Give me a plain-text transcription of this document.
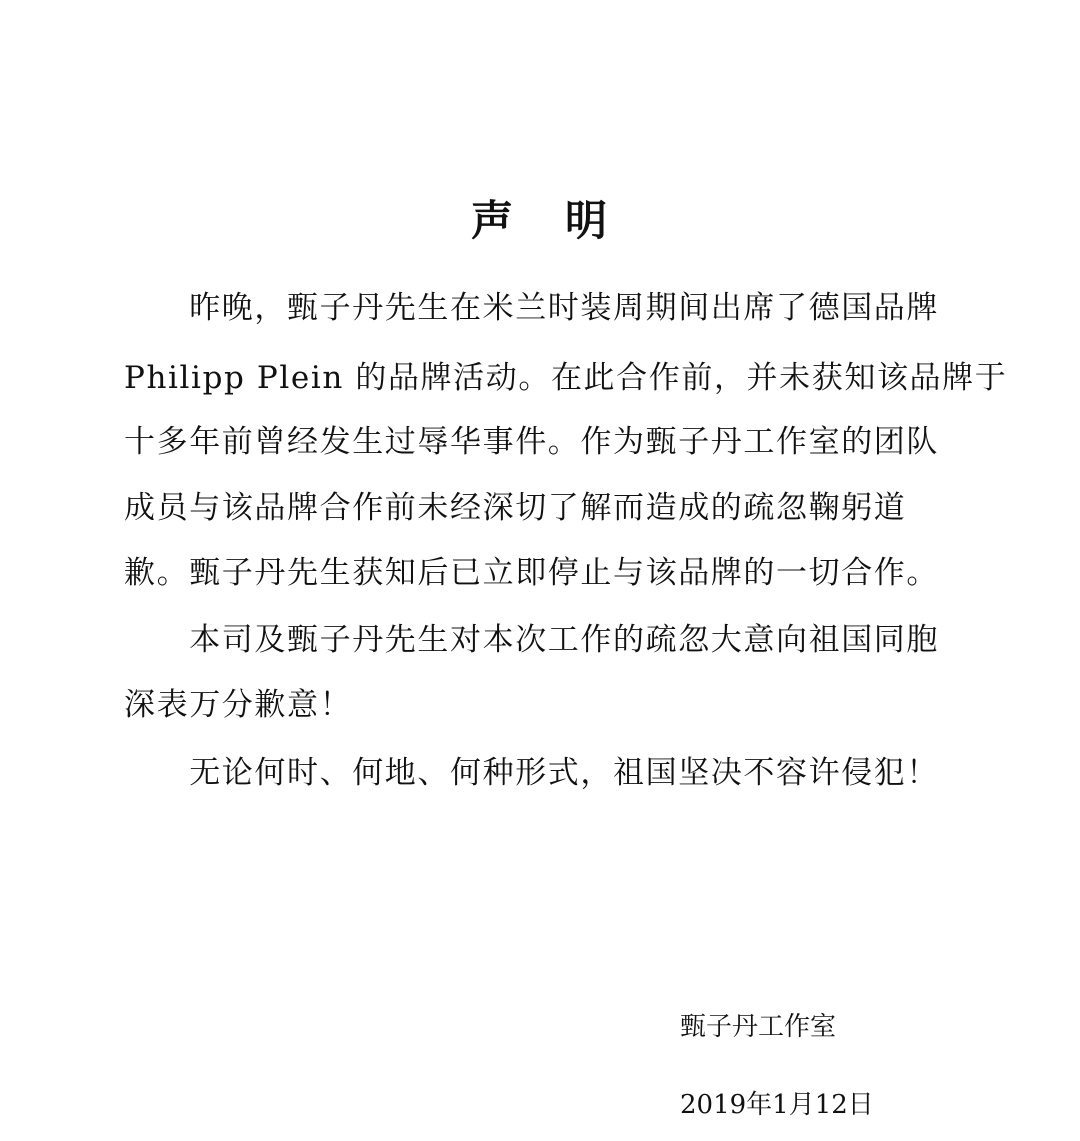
声 明
　　昨晚，甄子丹先生在米兰时装周期间出席了德国品牌
Philipp Plein 的品牌活动。在此合作前，并未获知该品牌于
十多年前曾经发生过辱华事件。作为甄子丹工作室的团队
成员与该品牌合作前未经深切了解而造成的疏忽鞠躬道
歉。甄子丹先生获知后已立即停止与该品牌的一切合作。
　　本司及甄子丹先生对本次工作的疏忽大意向祖国同胞
深表万分歉意！
　　无论何时、何地、何种形式，祖国坚决不容许侵犯！
甄子丹工作室
2019年1月12日
